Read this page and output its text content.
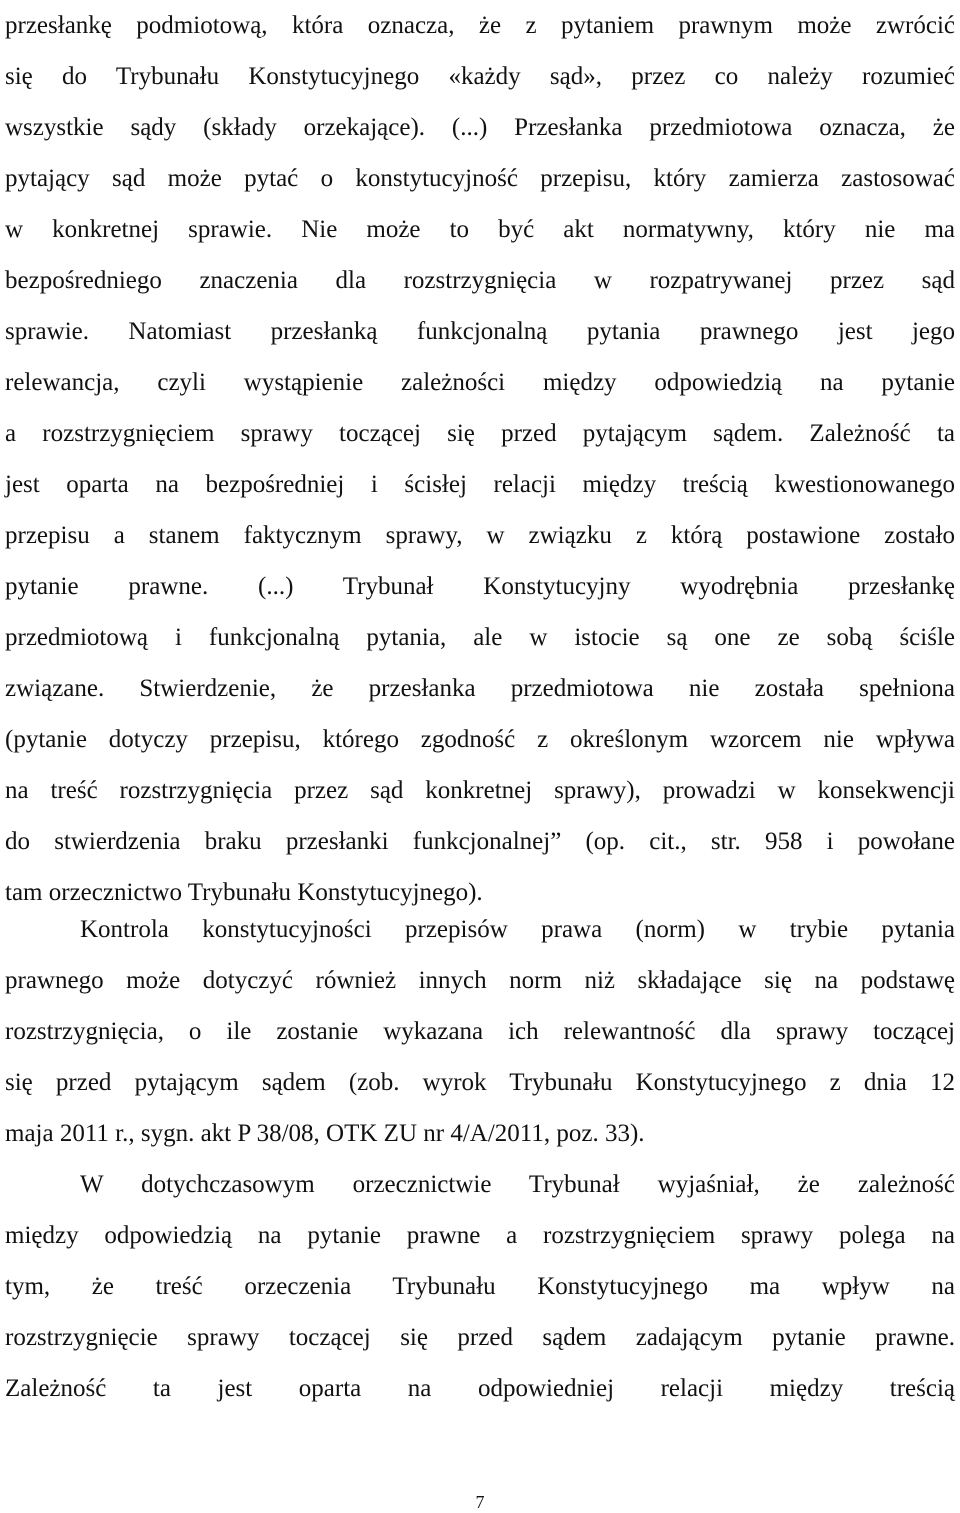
przesłankę podmiotową, która oznacza, że z pytaniem prawnym może zwrócić
się do Trybunału Konstytucyjnego «każdy sąd», przez co należy rozumieć
wszystkie sądy (składy orzekające). (...) Przesłanka przedmiotowa oznacza, że
pytający sąd może pytać o konstytucyjność przepisu, który zamierza zastosować
w konkretnej sprawie. Nie może to być akt normatywny, który nie ma
bezpośredniego znaczenia dla rozstrzygnięcia w rozpatrywanej przez sąd
sprawie. Natomiast przesłanką funkcjonalną pytania prawnego jest jego
relewancja, czyli wystąpienie zależności między odpowiedzią na pytanie
a rozstrzygnięciem sprawy toczącej się przed pytającym sądem. Zależność ta
jest oparta na bezpośredniej i ścisłej relacji między treścią kwestionowanego
przepisu a stanem faktycznym sprawy, w związku z którą postawione zostało
pytanie prawne. (...) Trybunał Konstytucyjny wyodrębnia przesłankę
przedmiotową i funkcjonalną pytania, ale w istocie są one ze sobą ściśle
związane. Stwierdzenie, że przesłanka przedmiotowa nie została spełniona
(pytanie dotyczy przepisu, którego zgodność z określonym wzorcem nie wpływa
na treść rozstrzygnięcia przez sąd konkretnej sprawy), prowadzi w konsekwencji
do stwierdzenia braku przesłanki funkcjonalnej” (op. cit., str. 958 i powołane
tam orzecznictwo Trybunału Konstytucyjnego).
Kontrola konstytucyjności przepisów prawa (norm) w trybie pytania
prawnego może dotyczyć również innych norm niż składające się na podstawę
rozstrzygnięcia, o ile zostanie wykazana ich relewantność dla sprawy toczącej
się przed pytającym sądem (zob. wyrok Trybunału Konstytucyjnego z dnia 12
maja 2011 r., sygn. akt P 38/08, OTK ZU nr 4/A/2011, poz. 33).
W dotychczasowym orzecznictwie Trybunał wyjaśniał, że zależność
między odpowiedzią na pytanie prawne a rozstrzygnięciem sprawy polega na
tym, że treść orzeczenia Trybunału Konstytucyjnego ma wpływ na
rozstrzygnięcie sprawy toczącej się przed sądem zadającym pytanie prawne.
Zależność ta jest oparta na odpowiedniej relacji między treścią
7
